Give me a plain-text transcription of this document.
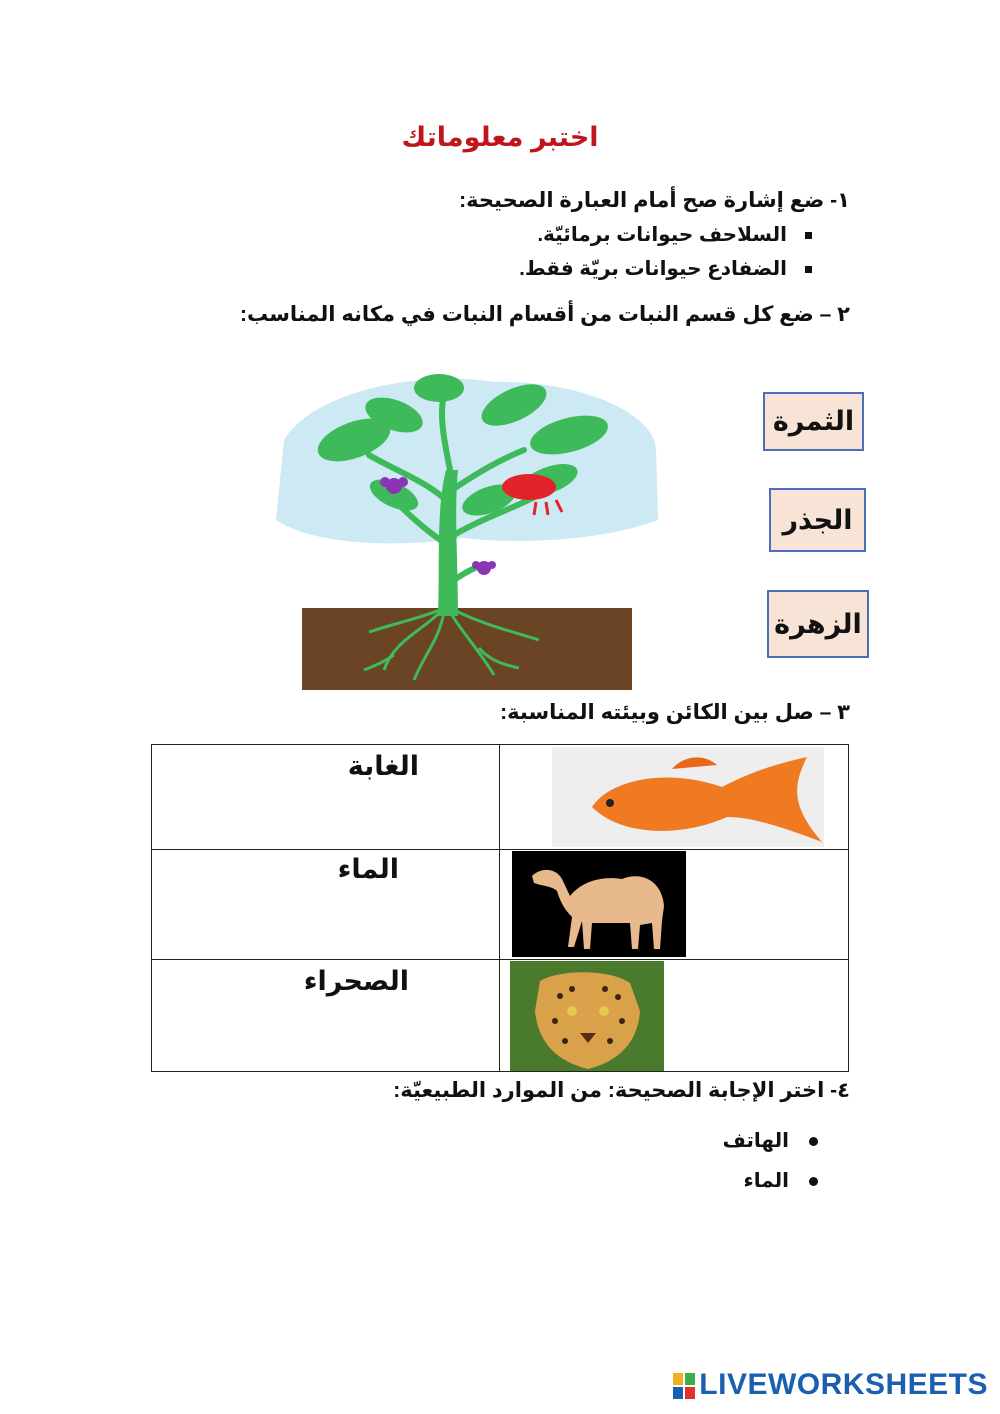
اختبر معلوماتك
١- ضع إشارة صح أمام العبارة الصحيحة:
السلاحف حيوانات برمائيّة.
الضفادع حيوانات بريّة فقط.
٢ – ضع كل قسم النبات من أقسام النبات في مكانه المناسب:
الثمرة
الجذر
الزهرة
٣ – صل بين الكائن وبيئته المناسبة:

الغابة

الماء

الصحراء
٤- اختر الإجابة الصحيحة: من الموارد الطبيعيّة:
الهاتف
الماء
LIVEWORKSHEETS
